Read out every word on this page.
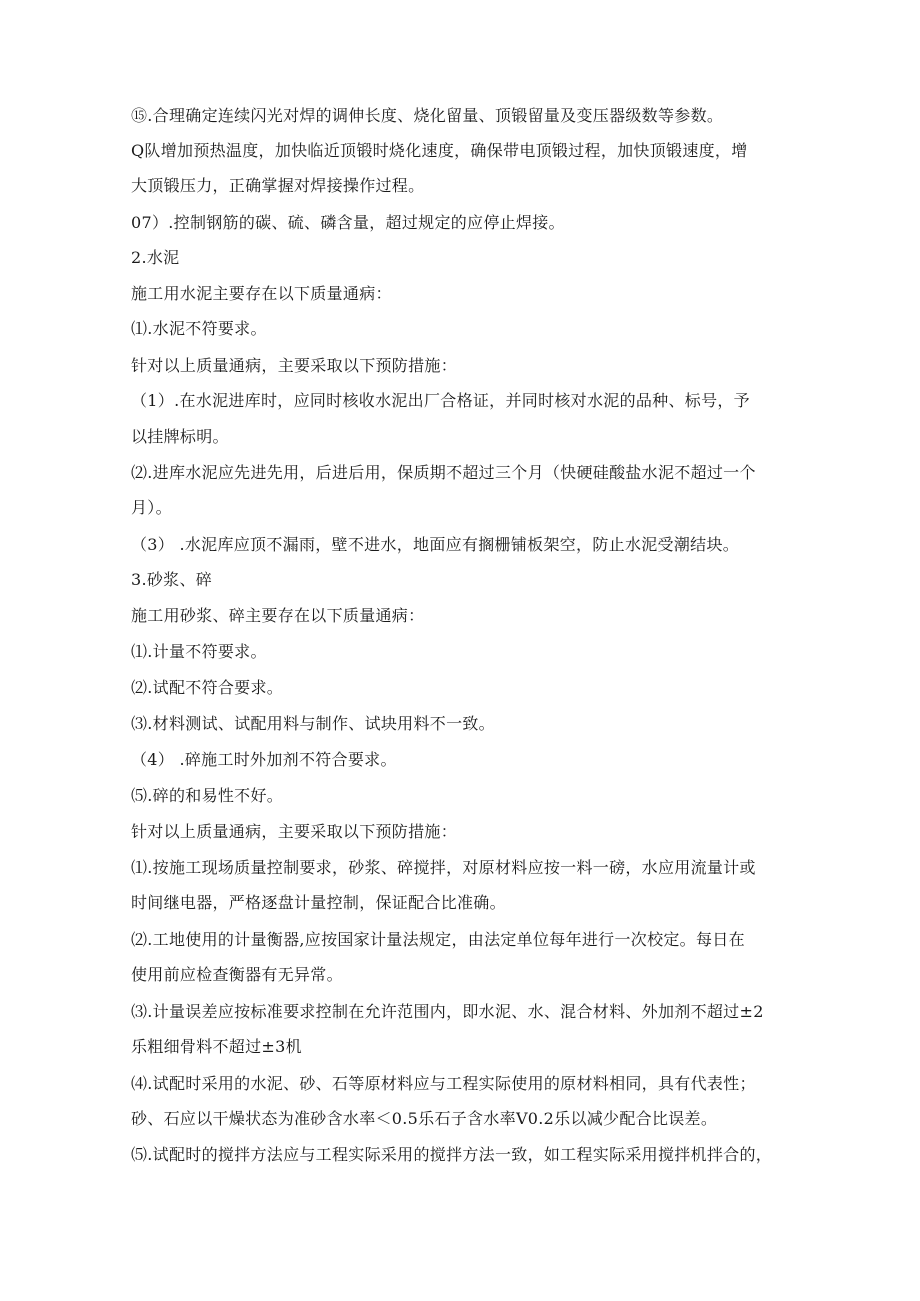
⑮.合理确定连续闪光对焊的调伸长度、烧化留量、顶锻留量及变压器级数等参数。
Q队增加预热温度，加快临近顶锻时烧化速度，确保带电顶锻过程，加快顶锻速度，增
大顶锻压力，正确掌握对焊接操作过程。
07）.控制钢筋的碳、硫、磷含量，超过规定的应停止焊接。
2.水泥
施工用水泥主要存在以下质量通病：
⑴.水泥不符要求。
针对以上质量通病，主要采取以下预防措施：
（1）.在水泥进库时，应同时核收水泥出厂合格证，并同时核对水泥的品种、标号，予
以挂牌标明。
⑵.进库水泥应先进先用，后进后用，保质期不超过三个月（快硬硅酸盐水泥不超过一个
月）。
（3） .水泥库应顶不漏雨，壁不进水，地面应有搁栅铺板架空，防止水泥受潮结块。
3.砂浆、碎
施工用砂浆、碎主要存在以下质量通病：
⑴.计量不符要求。
⑵.试配不符合要求。
⑶.材料测试、试配用料与制作、试块用料不一致。
（4） .碎施工时外加剂不符合要求。
⑸.碎的和易性不好。
针对以上质量通病，主要采取以下预防措施：
⑴.按施工现场质量控制要求，砂浆、碎搅拌，对原材料应按一料一磅，水应用流量计或
时间继电器，严格逐盘计量控制，保证配合比准确。
⑵.工地使用的计量衡器,应按国家计量法规定，由法定单位每年进行一次校定。每日在
使用前应检查衡器有无异常。
⑶.计量误差应按标准要求控制在允许范围内，即水泥、水、混合材料、外加剂不超过±2
乐粗细骨料不超过±3机
⑷.试配时采用的水泥、砂、石等原材料应与工程实际使用的原材料相同，具有代表性；
砂、石应以干燥状态为准砂含水率＜0.5乐石子含水率V0.2乐以减少配合比误差。
⑸.试配时的搅拌方法应与工程实际采用的搅拌方法一致，如工程实际采用搅拌机拌合的，
